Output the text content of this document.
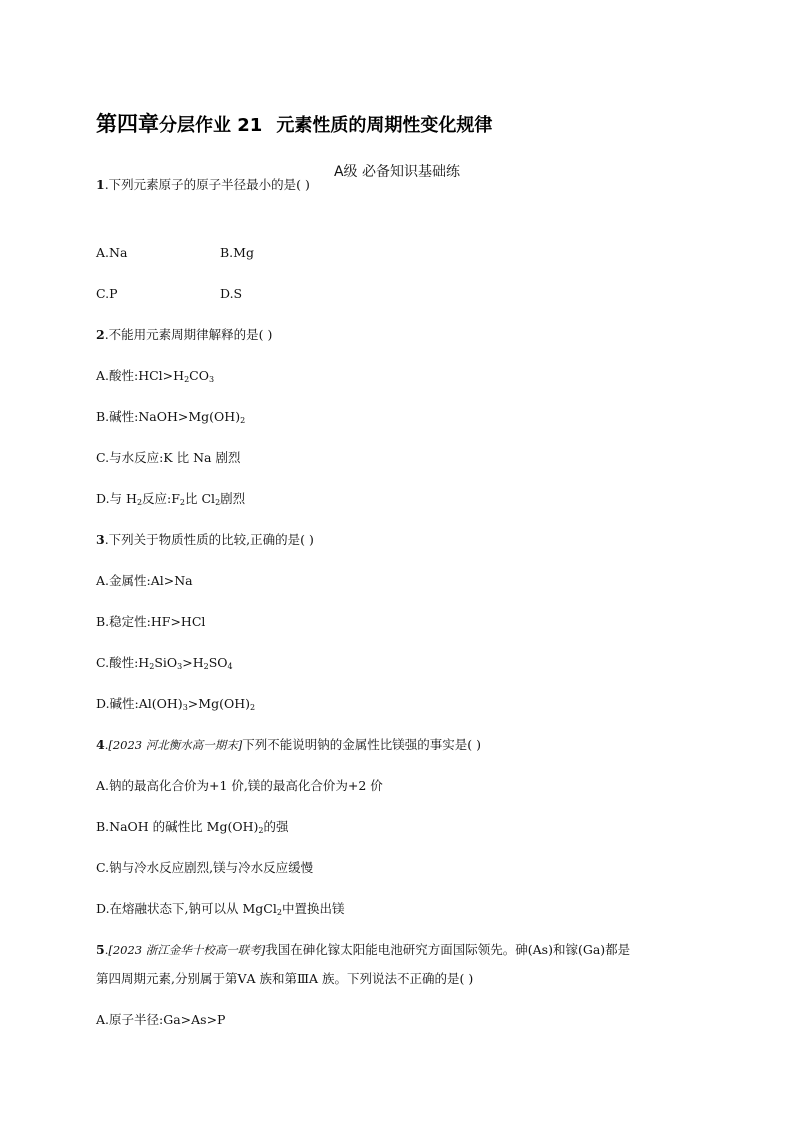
第四章分层作业 21 元素性质的周期性变化规律
A级 必备知识基础练
1.下列元素原子的原子半径最小的是( )
A.Na	B.Mg
C.P	D.S
2.不能用元素周期律解释的是( )
A.酸性$:HCl>H_2CO_3$
B.碱性$:NaOH>Mg(OH)_2$
C.与水反应:K 比 Na 剧烈
D.与 $H_2$反应$:F_2$比 $Cl_2$剧烈
3.下列关于物质性质的比较,正确的是( )
A.金属性:Al>Na
B.稳定性:HF>HCl
C.酸性$:H_2SiO_3>H_2SO_4$
D.碱性$:Al(OH)_3>Mg(OH)_2$
4.[2023 河北衡水高一期末]下列不能说明钠的金属性比镁强的事实是( )
A.钠的最高化合价为+1 价,镁的最高化合价为+2 价
B.NaOH 的碱性比 $Mg(OH)_2$的强
C.钠与冷水反应剧烈,镁与冷水反应缓慢
D.在熔融状态下,钠可以从 MgCl$_2$中置换出镁
5.[2023 浙江金华十校高一联考]我国在砷化镓太阳能电池研究方面国际领先。砷(As)和镓(Ga)都是
第四周期元素,分别属于第ⅤA 族和第ⅢA 族。下列说法不正确的是( )
A.原子半径:Ga>As>P
